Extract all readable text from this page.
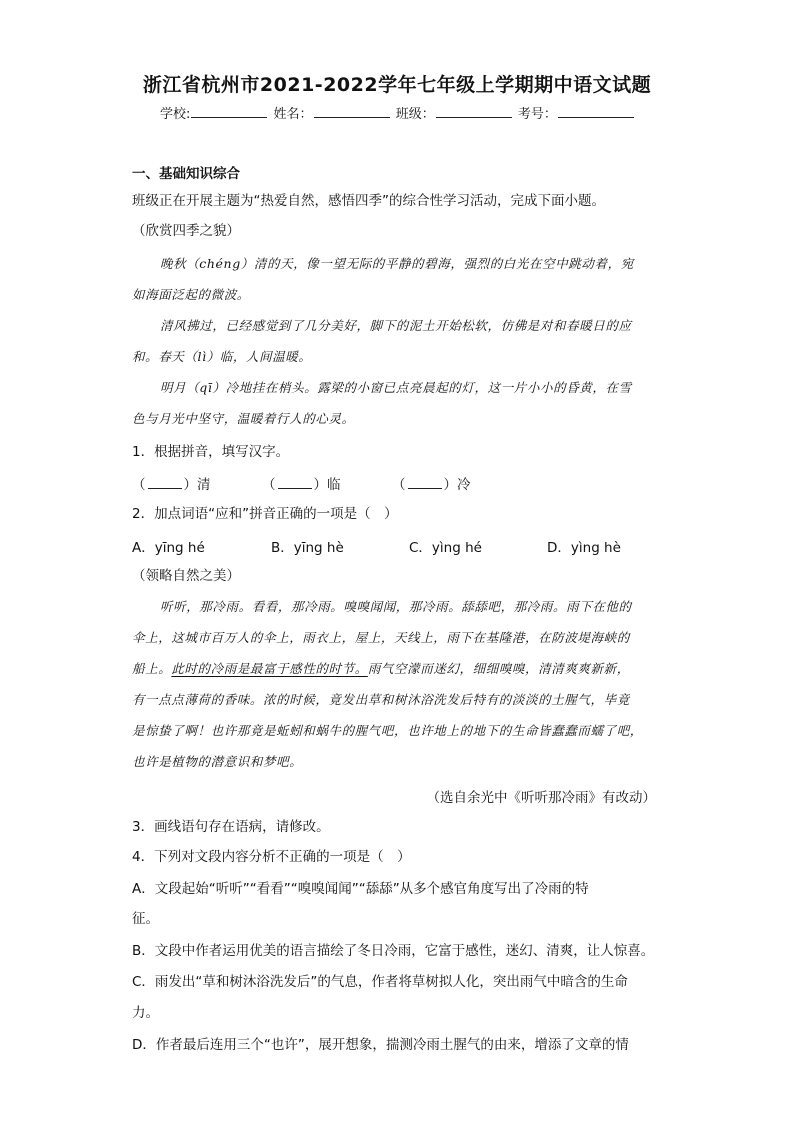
浙江省杭州市2021-2022学年七年级上学期期中语文试题
学校:	姓名：	班级：	考号：
一、基础知识综合
班级正在开展主题为“热爱自然，感悟四季”的综合性学习活动，完成下面小题。
（欣赏四季之貌）
晚秋（chéng）清的天，像一望无际的平静的碧海，强烈的白光在空中跳动着，宛
如海面泛起的微波。
清风拂过，已经感觉到了几分美好，脚下的泥土开始松软，仿佛是对和春暖日的应
和。春天（lì）临，人间温暖。
明月（qī）冷地挂在梢头。露梁的小窗已点亮晨起的灯，这一片小小的昏黄，在雪
色与月光中坚守，温暖着行人的心灵。
1．根据拼音，填写汉字。
（	）清	（	）临	（	）冷
2．加点词语“应和”拼音正确的一项是（　）
A．yīng hé	B．yīng hè	C．yìng hé	D．yìng hè
（领略自然之美）
听听，那冷雨。看看，那冷雨。嗅嗅闻闻，那冷雨。舔舔吧，那冷雨。雨下在他的
伞上，这城市百万人的伞上，雨衣上，屋上，天线上，雨下在基隆港，在防波堤海峡的
船上。此时的冷雨是最富于感性的时节。雨气空濛而迷幻，细细嗅嗅，清清爽爽新新，
有一点点薄荷的香味。浓的时候，竟发出草和树沐浴洗发后特有的淡淡的土腥气，毕竟
是惊蛰了啊！也许那竟是蚯蚓和蜗牛的腥气吧，也许地上的地下的生命皆蠢蠢而蠕了吧，
也许是植物的潜意识和梦吧。
（选自余光中《听听那冷雨》有改动）
3．画线语句存在语病，请修改。
4．下列对文段内容分析不正确的一项是（　）
A．文段起始“听听”“看看”“嗅嗅闻闻”“舔舔”从多个感官角度写出了冷雨的特
征。
B．文段中作者运用优美的语言描绘了冬日冷雨，它富于感性，迷幻、清爽，让人惊喜。
C．雨发出“草和树沐浴洗发后”的气息，作者将草树拟人化，突出雨气中暗含的生命
力。
D．作者最后连用三个“也许”，展开想象，揣测冷雨土腥气的由来，增添了文章的情
